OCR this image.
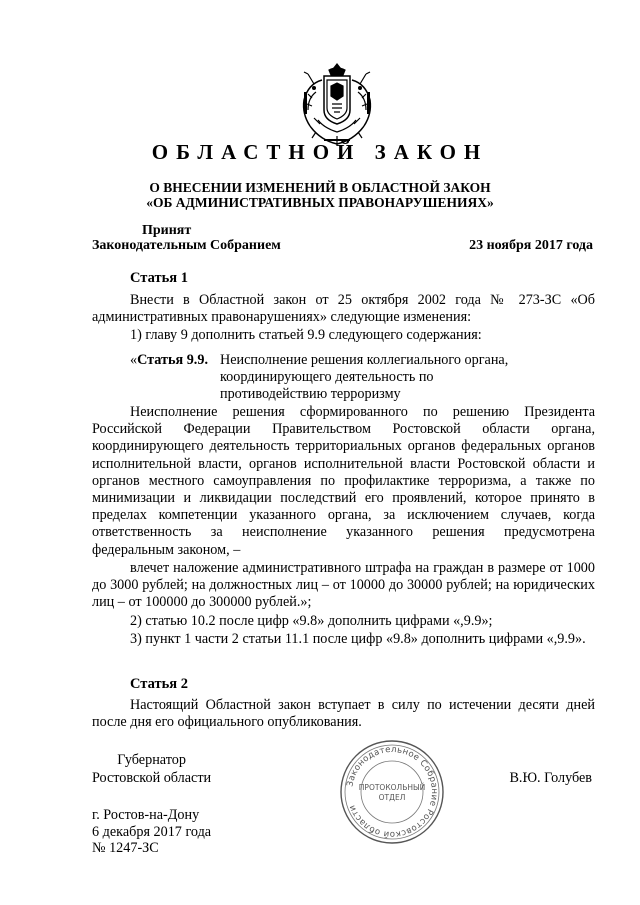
ОБЛАСТНОЙ ЗАКОН
О ВНЕСЕНИИ ИЗМЕНЕНИЙ В ОБЛАСТНОЙ ЗАКОН
«ОБ АДМИНИСТРАТИВНЫХ ПРАВОНАРУШЕНИЯХ»
Принят
Законодательным Собранием	23 ноября 2017 года
Статья 1
Внести в Областной закон от 25 октября 2002 года № 273-ЗС «Об административных правонарушениях» следующие изменения:
1) главу 9 дополнить статьей 9.9 следующего содержания:
«Статья 9.9. Неисполнение решения коллегиального органа, координирующего деятельность по противодействию терроризму
Неисполнение решения сформированного по решению Президента Российской Федерации Правительством Ростовской области органа, координирующего деятельность территориальных органов федеральных органов исполнительной власти, органов исполнительной власти Ростовской области и органов местного самоуправления по профилактике терроризма, а также по минимизации и ликвидации последствий его проявлений, которое принято в пределах компетенции указанного органа, за исключением случаев, когда ответственность за неисполнение указанного решения предусмотрена федеральным законом, –
влечет наложение административного штрафа на граждан в размере от 1000 до 3000 рублей; на должностных лиц – от 10000 до 30000 рублей; на юридических лиц – от 100000 до 300000 рублей.»;
2) статью 10.2 после цифр «9.8» дополнить цифрами «,9.9»;
3) пункт 1 части 2 статьи 11.1 после цифр «9.8» дополнить цифрами «,9.9».
Статья 2
Настоящий Областной закон вступает в силу по истечении десяти дней после дня его официального опубликования.
Губернатор
Ростовской области	В.Ю. Голубев
Законодательное Собрание Ростовской области
ПРОТОКОЛЬНЫЙ
ОТДЕЛ
г. Ростов-на-Дону
6 декабря 2017 года
№ 1247-ЗС
